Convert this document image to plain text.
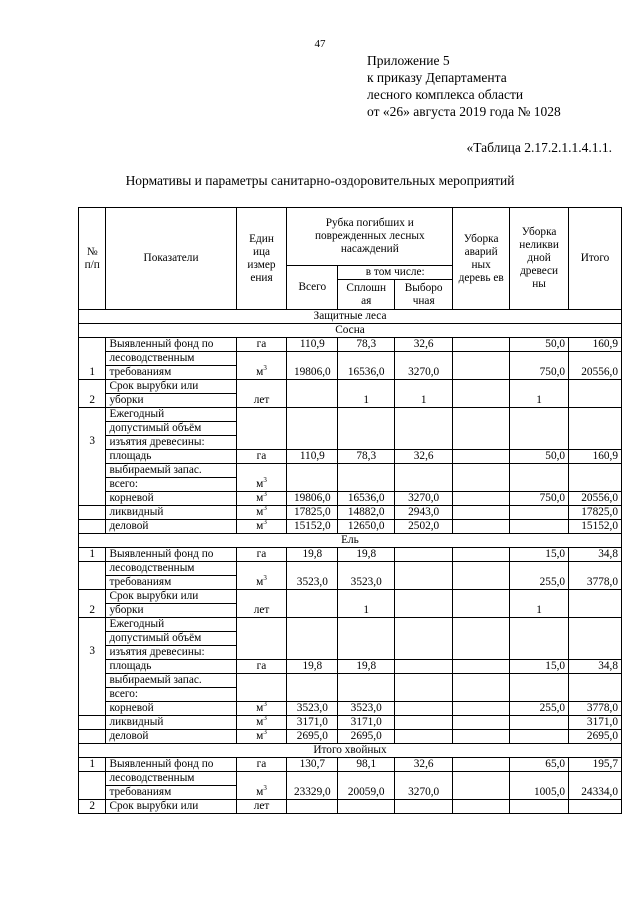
47
Приложение 5
к приказу Департамента
лесного комплекса области
от «26» августа 2019 года № 1028
«Таблица 2.17.2.1.1.4.1.1.
Нормативы и параметры санитарно-оздоровительных мероприятий
№ п/п	Показатели	Един ица измер ения	Рубка погибших и поврежденных лесных насаждений			Уборка аварий ных деревь ев	Уборка неликви дной древеси ны	Итого
			Всего	в том числе:				
				Сплошн ая	Выборо чная			
Защитные леса								
Сосна								
1	Выявленный фонд по	га	110,9	78,3	32,6		50,0	160,9
	лесоводственным	$м^3$	19806,0	16536,0	3270,0		750,0	20556,0
	требованиям							
2	Срок вырубки или	лет		1	1		1	
	уборки							
3	Ежегодный							
	допустимый объём							
	изъятия древесины:							
	площадь	га	110,9	78,3	32,6		50,0	160,9
	выбираемый запас.	$м^3$						
	всего:							
	корневой	$м^3$	19806,0	16536,0	3270,0		750,0	20556,0
	ликвидный	$м^3$	17825,0	14882,0	2943,0			17825,0
	деловой	$м^3$	15152,0	12650,0	2502,0			15152,0
Ель								
1	Выявленный фонд по	га	19,8	19,8			15,0	34,8
	лесоводственным	$м^3$	3523,0	3523,0			255,0	3778,0
	требованиям							
2	Срок вырубки или	лет		1			1	
	уборки							
3	Ежегодный							
	допустимый объём							
	изъятия древесины:							
	площадь	га	19,8	19,8			15,0	34,8
	выбираемый запас.							
	всего:							
	корневой	$м^3$	3523,0	3523,0			255,0	3778,0
	ликвидный	$м^3$	3171,0	3171,0				3171,0
	деловой	$м^3$	2695,0	2695,0				2695,0
Итого хвойных								
1	Выявленный фонд по	га	130,7	98,1	32,6		65,0	195,7
	лесоводственным	$м^3$	23329,0	20059,0	3270,0		1005,0	24334,0
	требованиям							
2	Срок вырубки или	лет						
